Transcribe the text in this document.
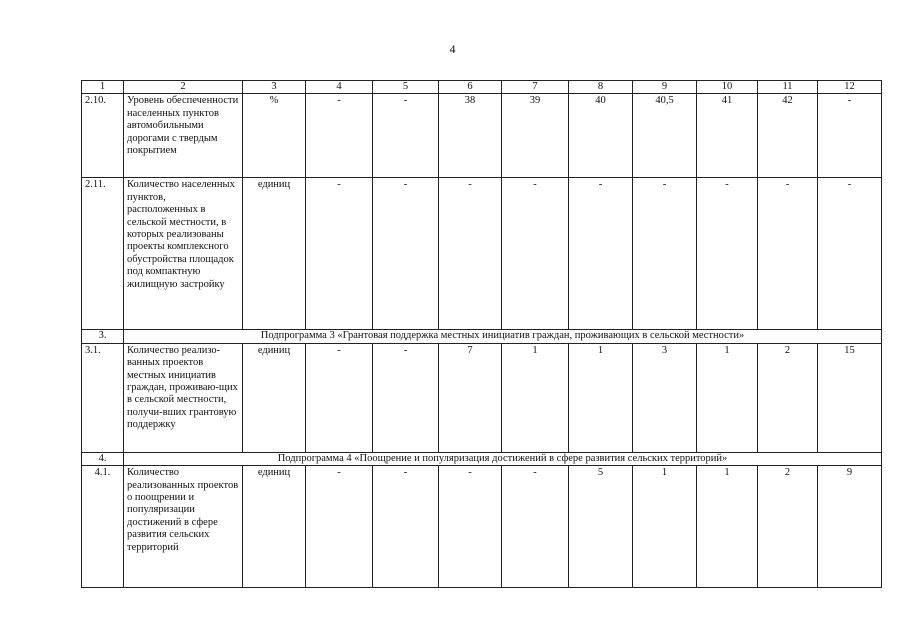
4
1	2	3	4	5	6	7	8	9	10	11	12
2.10.	Уровень обеспеченности населенных пунктов автомобильными дорогами с твердым покрытием	%	-	-	38	39	40	40,5	41	42	-
2.11.	Количество населенных пунктов, расположенных в сельской местности, в которых реализованы проекты комплексного обустройства площадок под компактную жилищную застройку	единиц	-	-	-	-	-	-	-	-	-
3.	Подпрограмма 3 «Грантовая поддержка местных инициатив граждан, проживающих в сельской местности»										
3.1.	Количество реализо-ванных проектов местных инициатив граждан, проживаю-щих в сельской местности, получи-вших грантовую поддержку	единиц	-	-	7	1	1	3	1	2	15
4.	Подпрограмма 4 «Поощрение и популяризация достижений в сфере развития сельских территорий»										
4.1.	Количество реализованных проектов о поощрении и популяризации достижений в сфере развития сельских территорий	единиц	-	-	-	-	5	1	1	2	9
